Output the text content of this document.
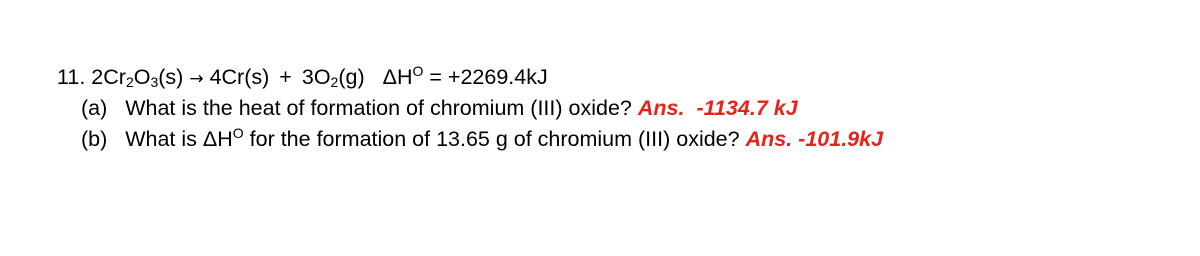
11. 2Cr2O3(s) → 4Cr(s) + 3O2(g) $\Delta H^O = +2269.4kJ$
(a) What is the heat of formation of chromium (III) oxide? Ans. -1134.7 kJ
(b) What is $\Delta H^O$ for the formation of 13.65 g of chromium (III) oxide? Ans. -101.9kJ
